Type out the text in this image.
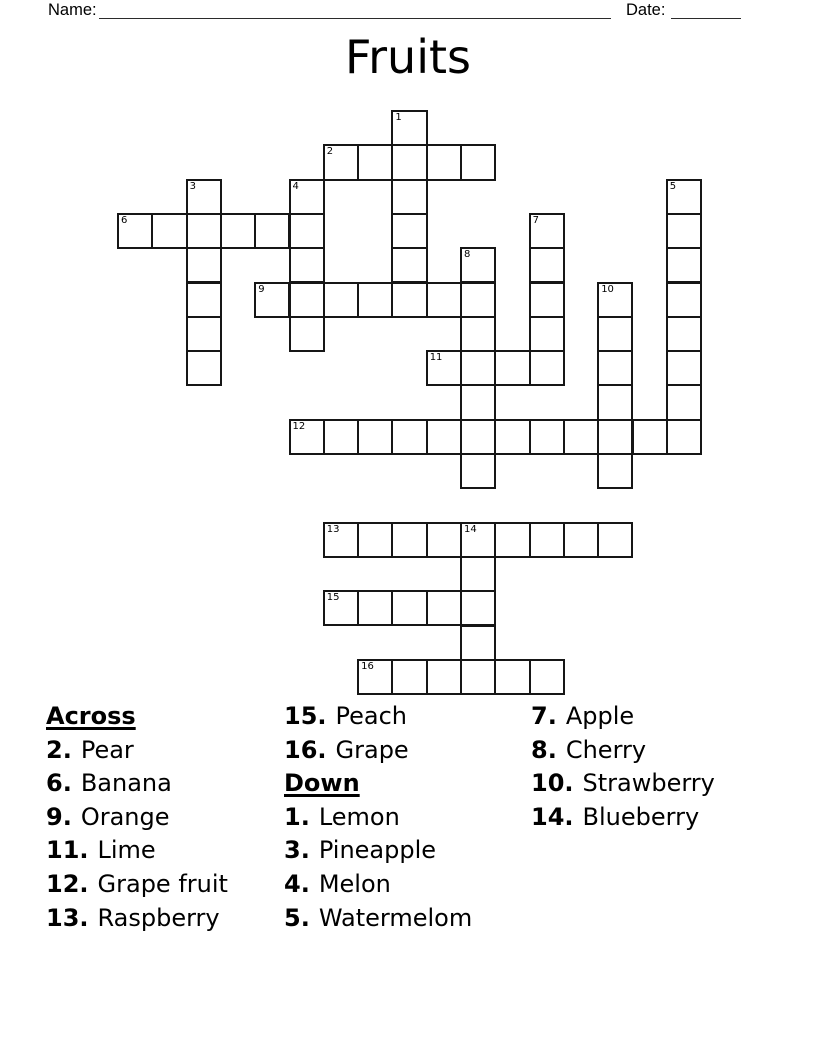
Name:	Date:
Fruits
1
2
3	4	5
6	7
8
9	10
11
12
13	14
15
16
Across
2. Pear
6. Banana
9. Orange
11. Lime
12. Grape fruit
13. Raspberry
15. Peach
16. Grape
Down
1. Lemon
3. Pineapple
4. Melon
5. Watermelom
7. Apple
8. Cherry
10. Strawberry
14. Blueberry
